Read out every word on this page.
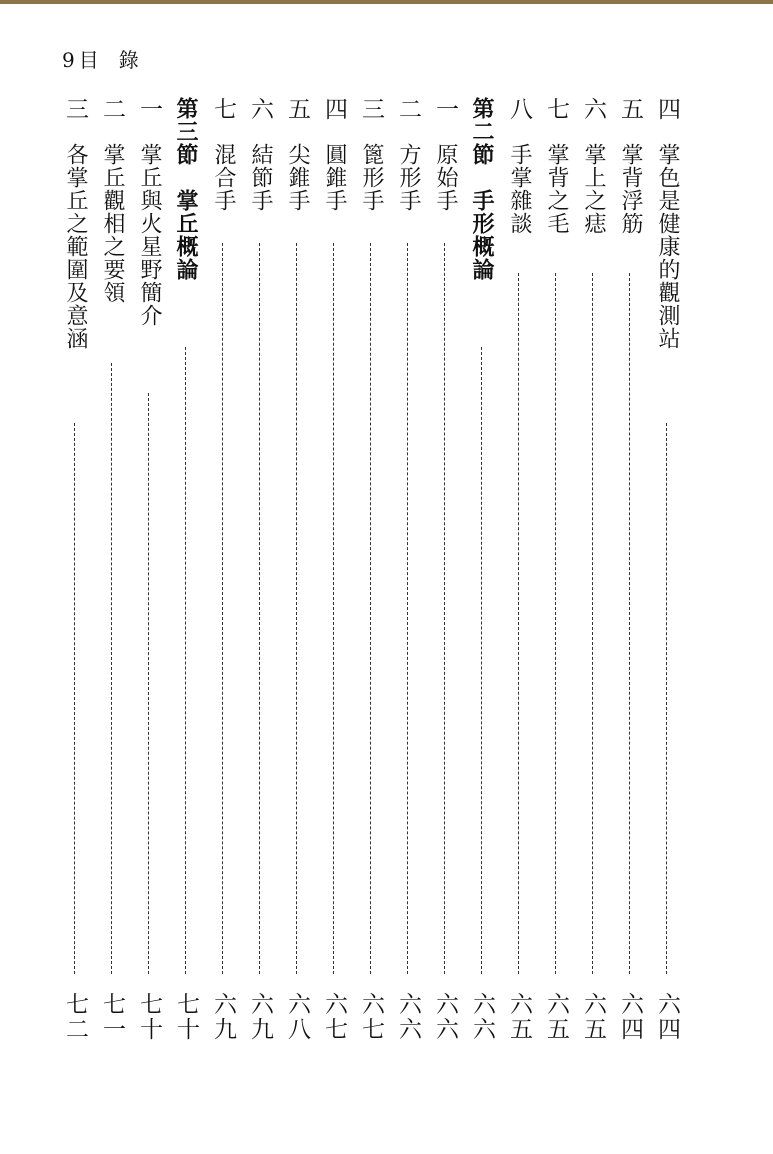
9 目 錄
四
掌色是健康的觀測站
六四
五
掌背浮筋
六四
六
掌上之痣
六五
七
掌背之毛
六五
八
手掌雜談
六五
第二節　手形概論
六六
一
原始手
六六
二
方形手
六六
三
篦形手
六七
四
圓錐手
六七
五
尖錐手
六八
六
結節手
六九
七
混合手
六九
第三節　掌丘概論
七十
一
掌丘與火星野簡介
七十
二
掌丘觀相之要領
七一
三
各掌丘之範圍及意涵
七二
